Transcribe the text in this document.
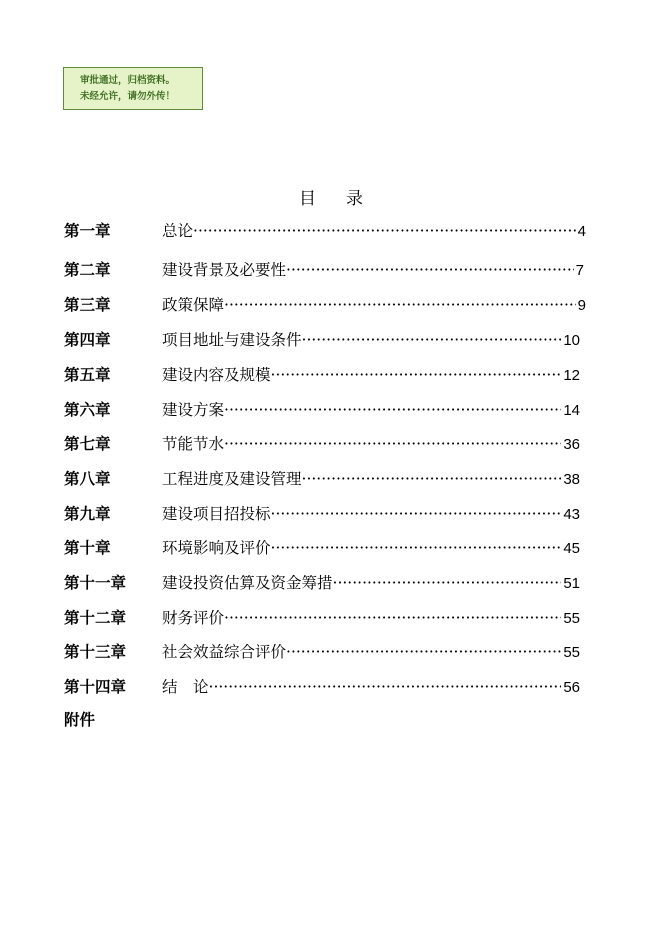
审批通过，归档资料。
未经允许，请勿外传！
目 录
第一章	总论 ·····	4
第二章	建设背景及必要性 ·····	7
第三章	政策保障 ·····	9
第四章	项目地址与建设条件 ·····	10
第五章	建设内容及规模 ·····	12
第六章	建设方案 ·····	14
第七章	节能节水 ·····	36
第八章	工程进度及建设管理 ·····	38
第九章	建设项目招投标 ·····	43
第十章	环境影响及评价 ·····	45
第十一章 建设投资估算及资金筹措 ·····	51
第十二章 财务评价 ·····	55
第十三章 社会效益综合评价 ·····	55
第十四章 结　论 ·····	56
附件
